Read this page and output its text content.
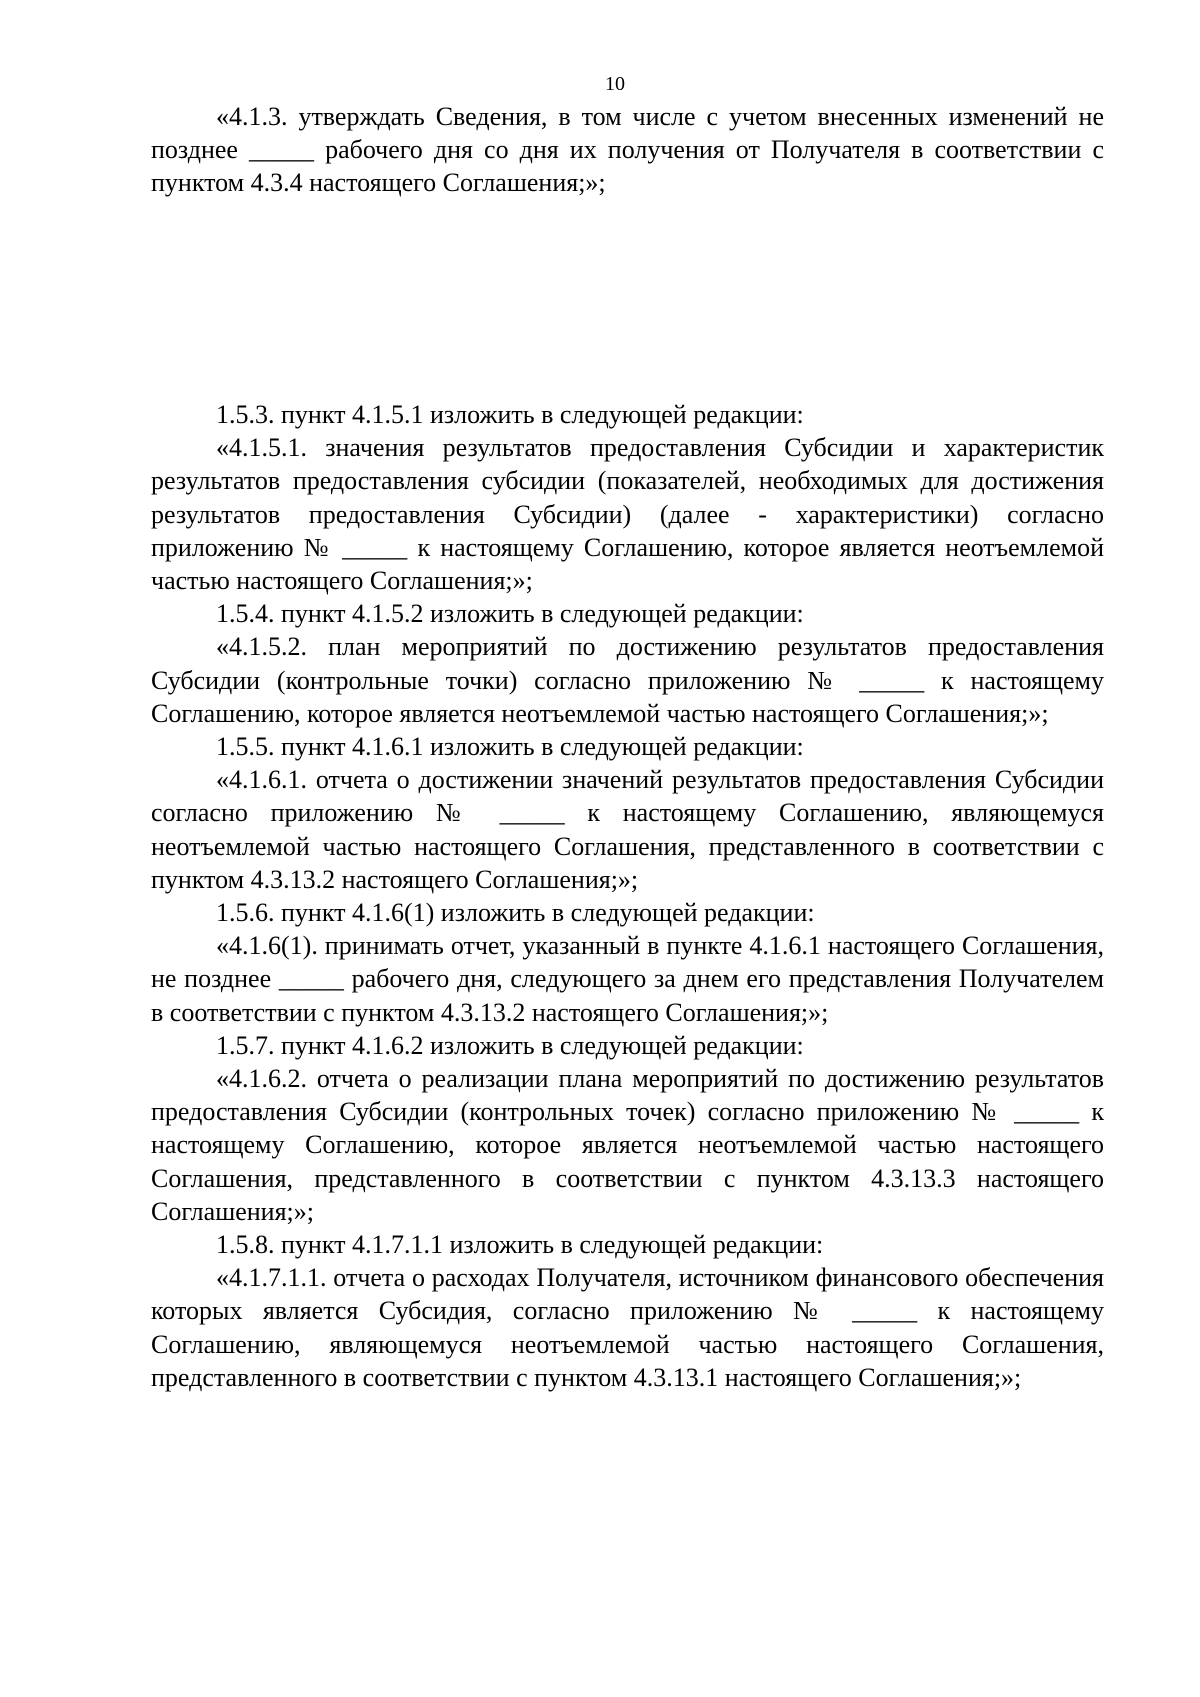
10

«4.1.3. утверждать Сведения, в том числе с учетом внесенных изменений не позднее _____ рабочего дня со дня их получения от Получателя в соответствии с пунктом 4.3.4 настоящего Соглашения;»;

1.5.3. пункт 4.1.5.1 изложить в следующей редакции:

«4.1.5.1. значения результатов предоставления Субсидии и характеристик результатов предоставления субсидии (показателей, необходимых для достижения результатов предоставления Субсидии) (далее - характеристики) согласно приложению № _____ к настоящему Соглашению, которое является неотъемлемой частью настоящего Соглашения;»;

1.5.4. пункт 4.1.5.2 изложить в следующей редакции:

«4.1.5.2. план мероприятий по достижению результатов предоставления Субсидии (контрольные точки) согласно приложению № _____ к настоящему Соглашению, которое является неотъемлемой частью настоящего Соглашения;»;

1.5.5. пункт 4.1.6.1 изложить в следующей редакции:

«4.1.6.1. отчета о достижении значений результатов предоставления Субсидии согласно приложению № _____ к настоящему Соглашению, являющемуся неотъемлемой частью настоящего Соглашения, представленного в соответствии с пунктом 4.3.13.2 настоящего Соглашения;»;

1.5.6. пункт 4.1.6(1) изложить в следующей редакции:

«4.1.6(1). принимать отчет, указанный в пункте 4.1.6.1 настоящего Соглашения, не позднее _____ рабочего дня, следующего за днем его представления Получателем в соответствии с пунктом 4.3.13.2 настоящего Соглашения;»;

1.5.7. пункт 4.1.6.2 изложить в следующей редакции:

«4.1.6.2. отчета о реализации плана мероприятий по достижению результатов предоставления Субсидии (контрольных точек) согласно приложению № _____ к настоящему Соглашению, которое является неотъемлемой частью настоящего Соглашения, представленного в соответствии с пунктом 4.3.13.3 настоящего Соглашения;»;

1.5.8. пункт 4.1.7.1.1 изложить в следующей редакции:

«4.1.7.1.1. отчета о расходах Получателя, источником финансового обеспечения которых является Субсидия, согласно приложению № _____ к настоящему Соглашению, являющемуся неотъемлемой частью настоящего Соглашения, представленного в соответствии с пунктом 4.3.13.1 настоящего Соглашения;»;
